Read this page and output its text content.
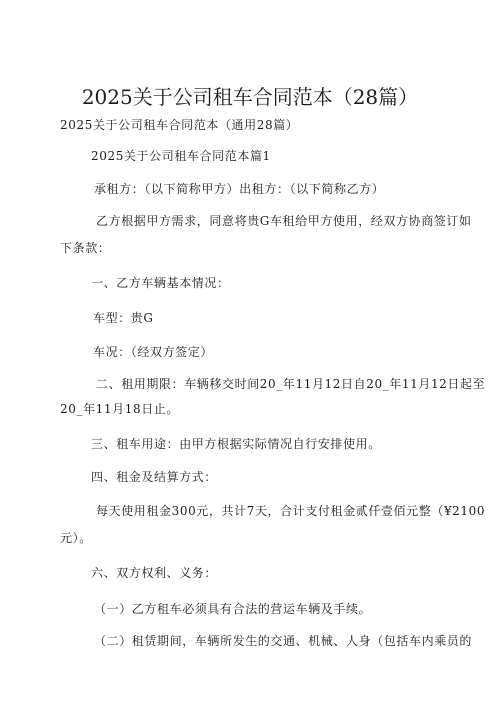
2025关于公司租车合同范本（28篇）
2025关于公司租车合同范本（通用28篇）
2025关于公司租车合同范本篇1
承租方：（以下简称甲方）出租方：（以下简称乙方）
乙方根据甲方需求，同意将贵G车租给甲方使用，经双方协商签订如
下条款：
一、乙方车辆基本情况：
车型：贵G
车况：（经双方签定）
二、租用期限：车辆移交时间20_年11月12日自20_年11月12日起至
20_年11月18日止。
三、租车用途：由甲方根据实际情况自行安排使用。
四、租金及结算方式：
每天使用租金300元，共计7天，合计支付租金贰仟壹佰元整（¥2100
元）。
六、双方权利、义务：
（一）乙方租车必须具有合法的营运车辆及手续。
（二）租赁期间，车辆所发生的交通、机械、人身（包括车内乘员的
